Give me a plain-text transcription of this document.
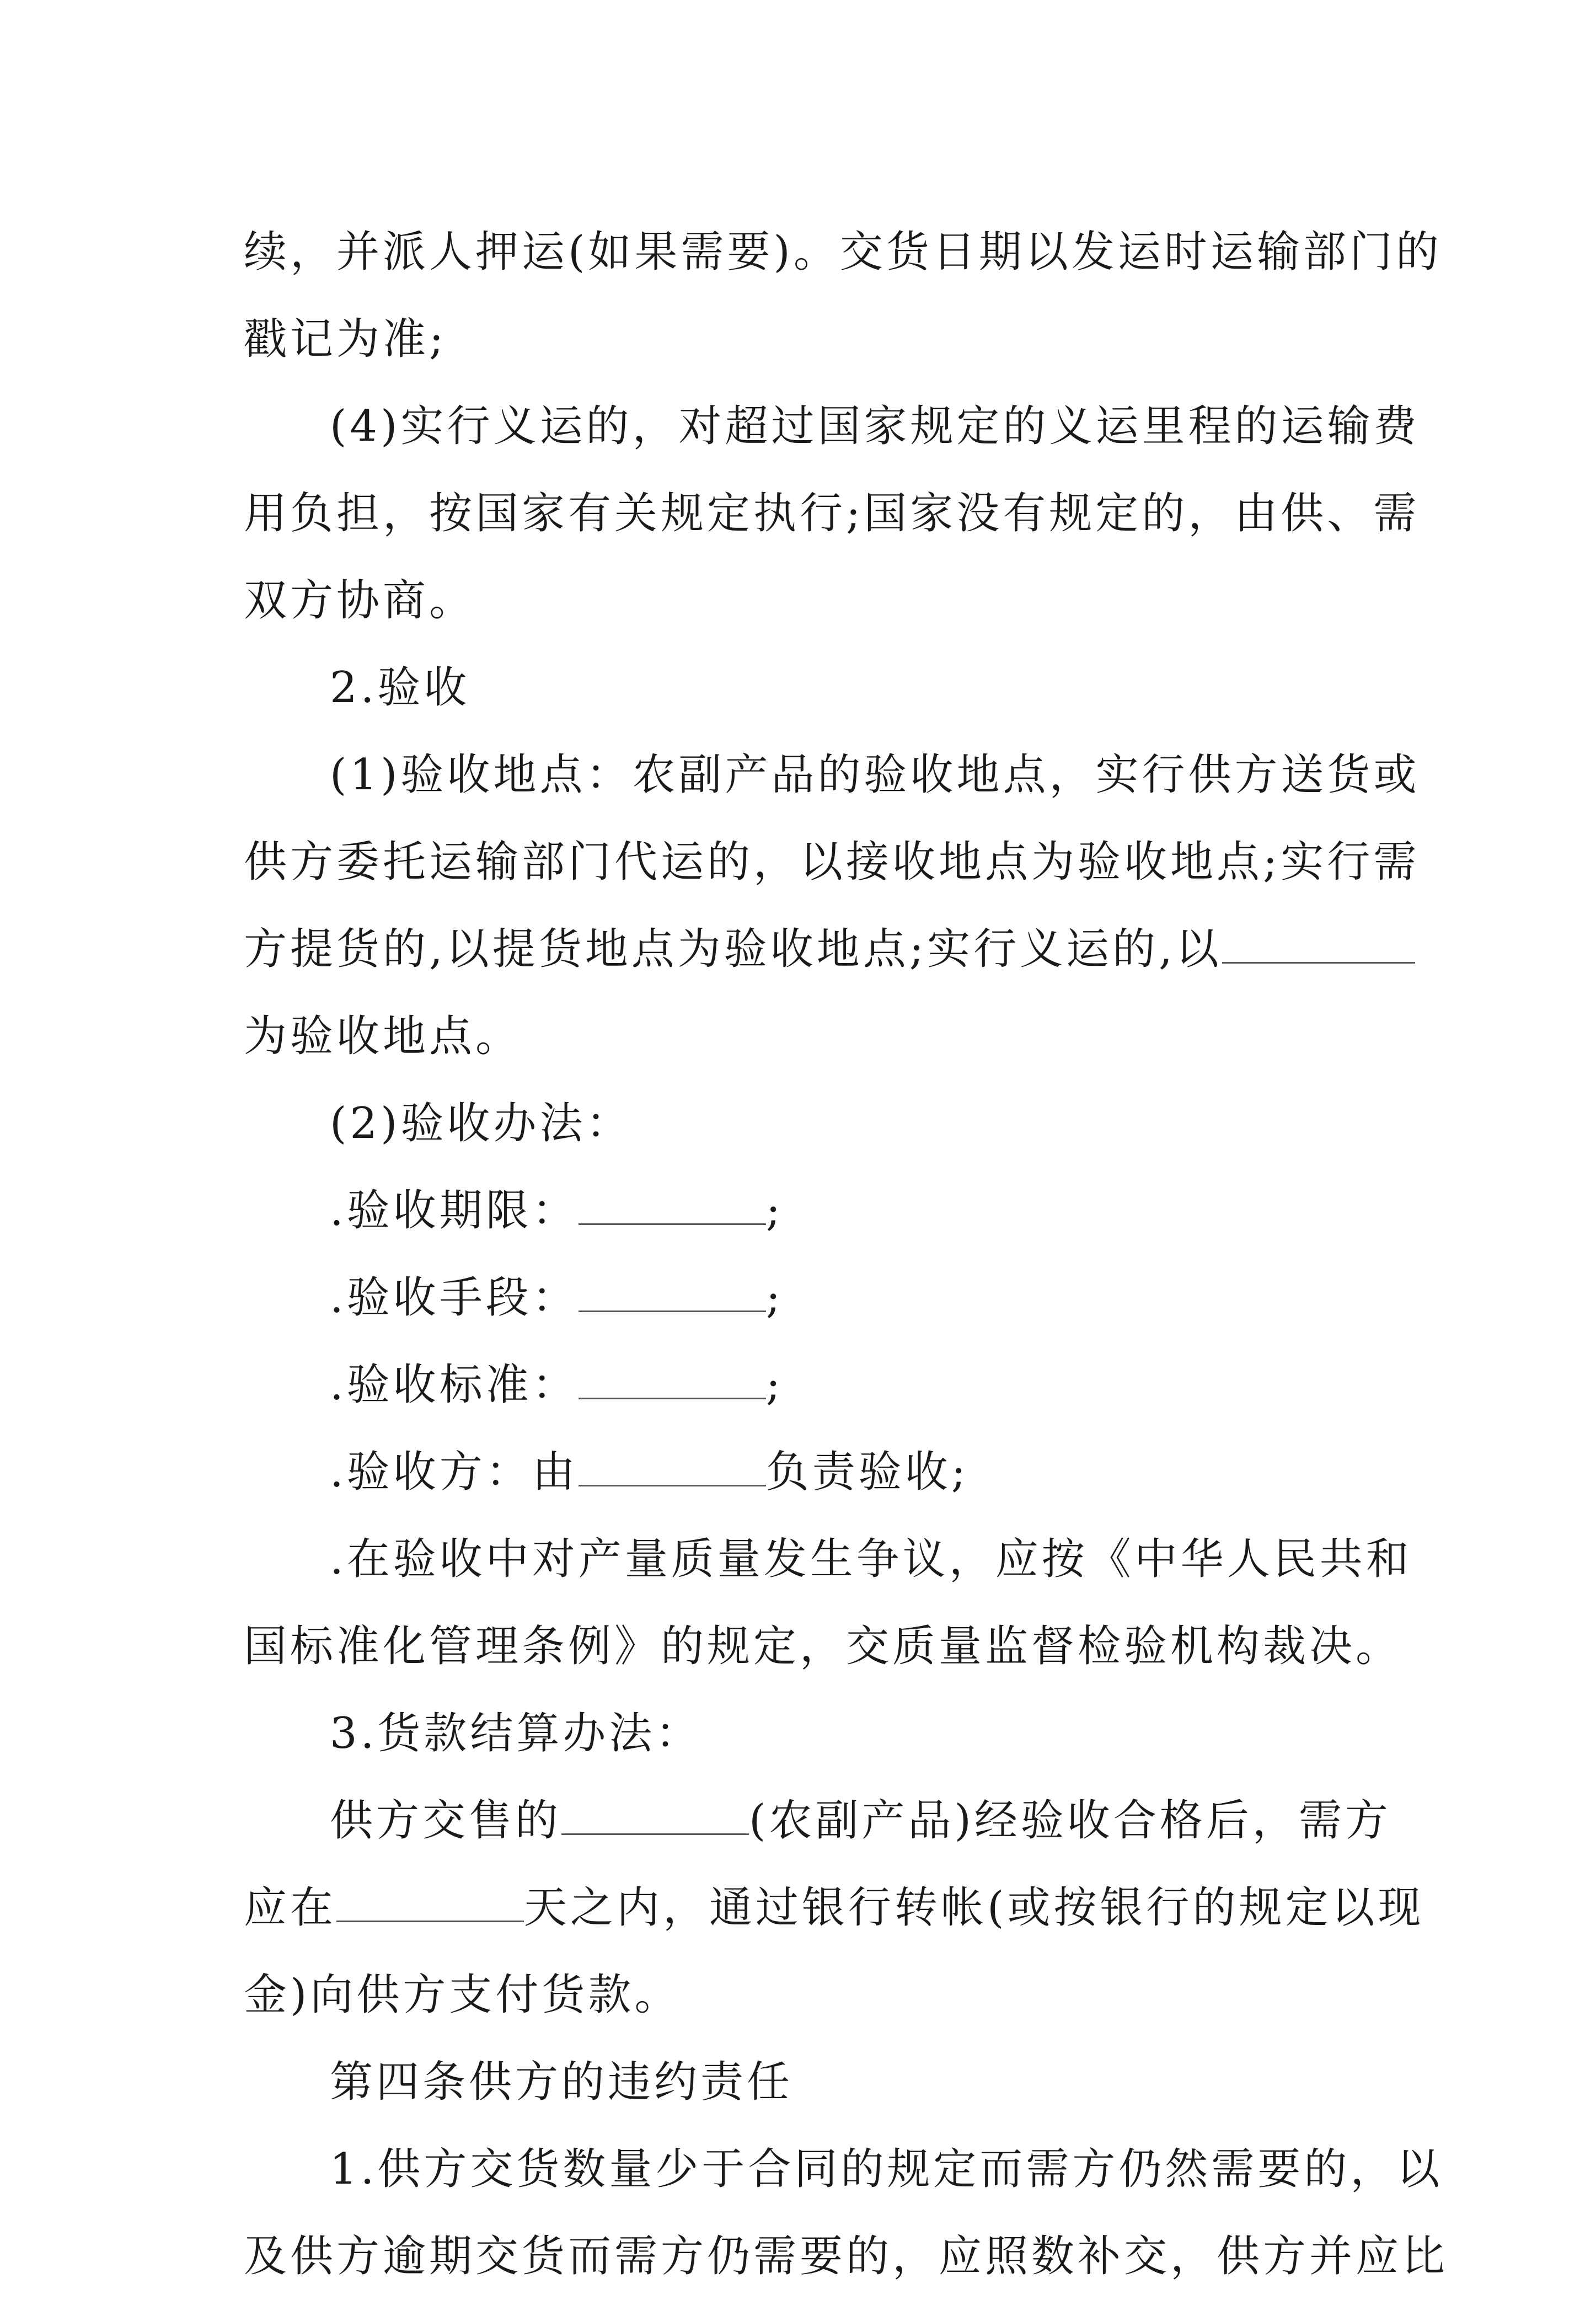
续，并派人押运(如果需要)。交货日期以发运时运输部门的
戳记为准;
(4)实行义运的，对超过国家规定的义运里程的运输费
用负担，按国家有关规定执行;国家没有规定的，由供、需
双方协商。
2.验收
(1)验收地点：农副产品的验收地点，实行供方送货或
供方委托运输部门代运的，以接收地点为验收地点;实行需
方提货的,以提货地点为验收地点;实行义运的,以
为验收地点。
(2)验收办法：
.验收期限：	;
.验收手段：	;
.验收标准：	;
.验收方：由	负责验收;
.在验收中对产量质量发生争议，应按《中华人民共和
国标准化管理条例》的规定，交质量监督检验机构裁决。
3.货款结算办法：
供方交售的	(农副产品)经验收合格后，需方
应在	天之内，通过银行转帐(或按银行的规定以现
金)向供方支付货款。
第四条供方的违约责任
1.供方交货数量少于合同的规定而需方仍然需要的，以
及供方逾期交货而需方仍需要的，应照数补交，供方并应比
